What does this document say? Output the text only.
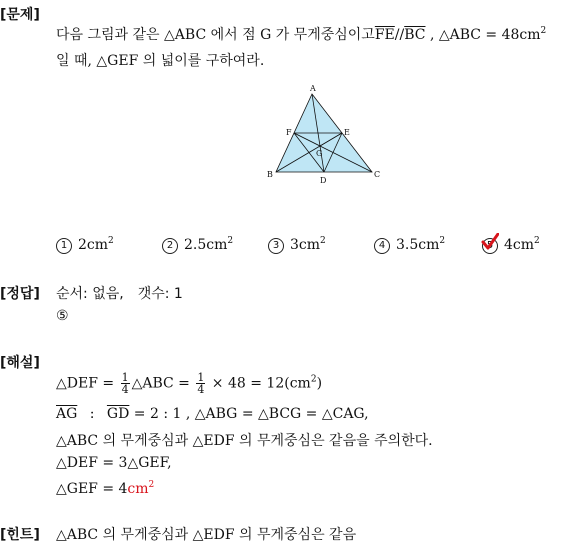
[문제]
다음 그림과 같은 △ABC 에서 점 G 가 무게중심이고$\overline{FE}//\overline{BC}$ , △ABC = $48cm^2$
일 때, △GEF 의 넓이를 구하여라.
A
B	C
D
E
F
G
1 $2cm^2$	2 $2.5cm^2$	3 $3cm^2$	4 $3.5cm^2$	5 $4cm^2$
[정답] 순서: 없음,　갯수: 1
⑤
[해설]
△DEF = $\frac{1}{4}$ △ABC = $\frac{1}{4} \times 48 = 12(cm^2)$
$\overline{AG}$ : $\overline{GD} = 2$ : 1 , △ABG = △BCG = △CAG,
△ABC 의 무게중심과 △EDF 의 무게중심은 같음을 주의한다.
△DEF = 3△GEF,
△GEF = $4cm^2$
[힌트] △ABC 의 무게중심과 △EDF 의 무게중심은 같음
